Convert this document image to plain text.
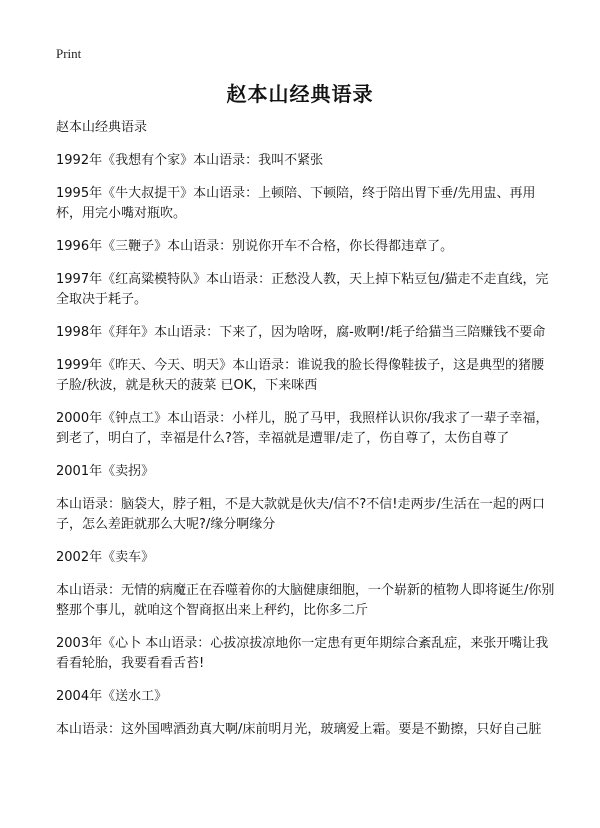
Print
赵本山经典语录

赵本山经典语录

1992年《我想有个家》本山语录：我叫不紧张

1995年《牛大叔提干》本山语录：上顿陪、下顿陪，终于陪出胃下垂/先用盅、再用杯，用完小嘴对瓶吹。

1996年《三鞭子》本山语录：别说你开车不合格，你长得都违章了。

1997年《红高粱模特队》本山语录：正愁没人教，天上掉下粘豆包/猫走不走直线，完全取决于耗子。

1998年《拜年》本山语录：下来了，因为啥呀，腐-败啊!/耗子给猫当三陪赚钱不要命

1999年《昨天、今天、明天》本山语录：谁说我的脸长得像鞋拔子，这是典型的猪腰子脸/秋波，就是秋天的菠菜 已OK，下来咪西

2000年《钟点工》本山语录：小样儿，脱了马甲，我照样认识你/我求了一辈子幸福，到老了，明白了，幸福是什么?答，幸福就是遭罪/走了，伤自尊了，太伤自尊了

2001年《卖拐》

本山语录：脑袋大，脖子粗，不是大款就是伙夫/信不?不信!走两步/生活在一起的两口子，怎么差距就那么大呢?/缘分啊缘分

2002年《卖车》

本山语录：无情的病魔正在吞噬着你的大脑健康细胞，一个崭新的植物人即将诞生/你别整那个事儿，就咱这个智商抠出来上秤约，比你多二斤

2003年《心卜 本山语录：心拔凉拔凉地你一定患有更年期综合紊乱症，来张开嘴让我看看轮胎，我要看看舌苔!

2004年《送水工》

本山语录：这外国啤酒劲真大啊/床前明月光，玻璃爱上霜。要是不勤擦，只好自己脏
